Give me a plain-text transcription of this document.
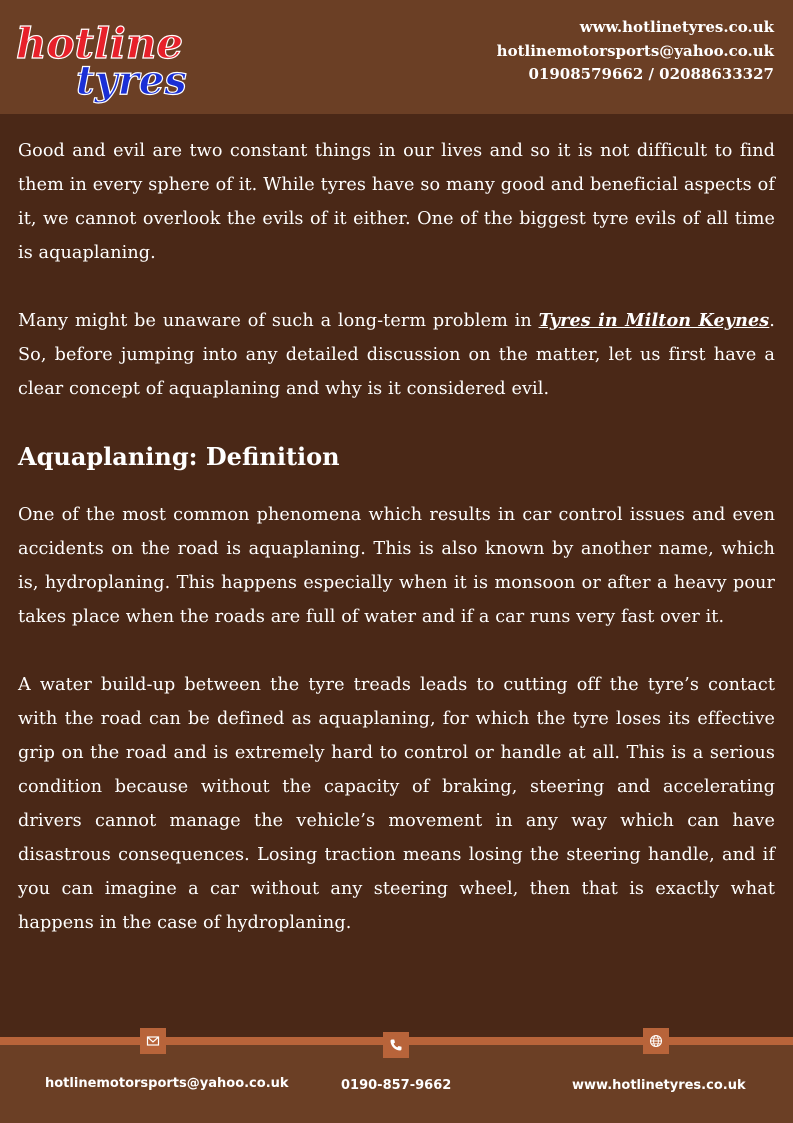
hotline
tyres
www.hotlinetyres.co.uk
hotlinemotorsports@yahoo.co.uk
01908579662 / 02088633327

Good and evil are two constant things in our lives and so it is not difficult to find them in every sphere of it. While tyres have so many good and beneficial aspects of it, we cannot overlook the evils of it either. One of the biggest tyre evils of all time is aquaplaning.

Many might be unaware of such a long-term problem in Tyres in Milton Keynes. So, before jumping into any detailed discussion on the matter, let us first have a clear concept of aquaplaning and why is it considered evil.

Aquaplaning: Definition

One of the most common phenomena which results in car control issues and even accidents on the road is aquaplaning. This is also known by another name, which is, hydroplaning. This happens especially when it is monsoon or after a heavy pour takes place when the roads are full of water and if a car runs very fast over it.

A water build-up between the tyre treads leads to cutting off the tyre’s contact with the road can be defined as aquaplaning, for which the tyre loses its effective grip on the road and is extremely hard to control or handle at all. This is a serious condition because without the capacity of braking, steering and accelerating drivers cannot manage the vehicle’s movement in any way which can have disastrous consequences. Losing traction means losing the steering handle, and if you can imagine a car without any steering wheel, then that is exactly what happens in the case of hydroplaning.

hotlinemotorsports@yahoo.co.uk	0190-857-9662	www.hotlinetyres.co.uk
